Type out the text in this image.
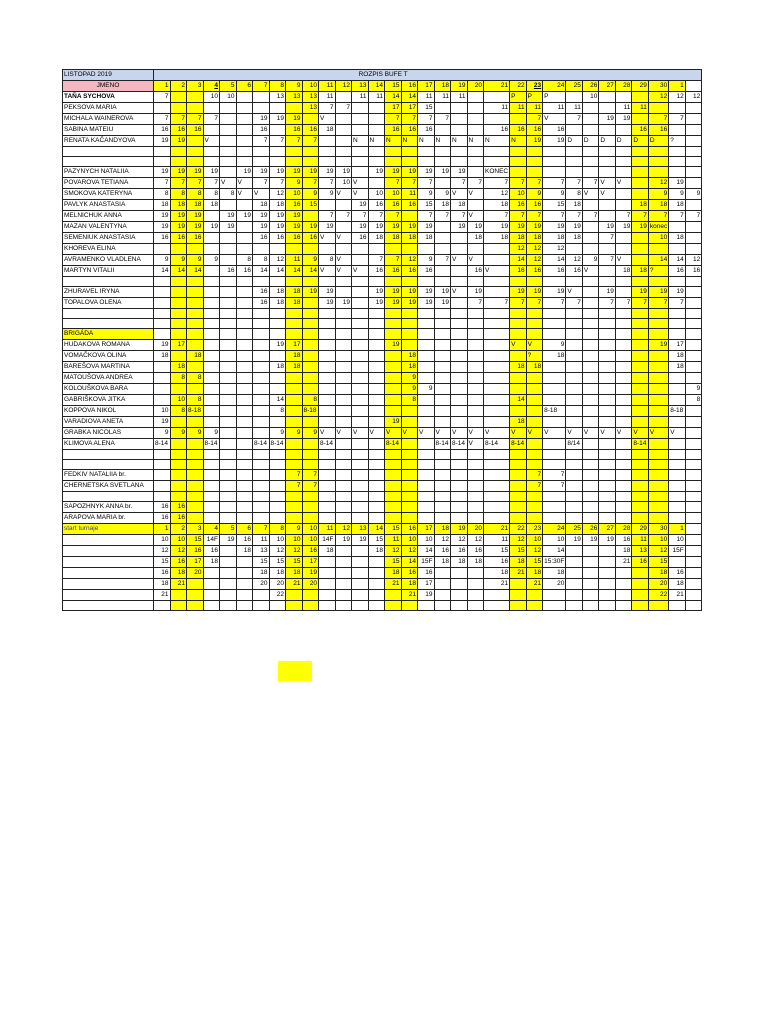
LISTOPAD 2019	ROZPIS BUFE T																															
JMENO	1	2	3	4	5	6	7	8	9	10	11	12	13	14	15	16	17	18	19	20	21	22	23	24	25	26	27	28	29	30	1	
TAŇA SYCHOVA	7			10	10			13	13	13	11		11	11	14	14	11	11	11			P	P	P		10				12	12	12
PEKSOVA MARIA										13	7	7			17	17	15				11	11	11	11	11			11	11			
MICHALA WAINEROVA	7	7	7	7			19	19	19		V				7	7	7	7					7	V	7		19	19		7	7	
SABINA MATEIU	16	16	16				16		16	16	18				16	16	16				16	16	16	16					16	16		
RENATA KAČANDYOVA	19	19		V			7	7	7	7			N	N	N	N	N	N	N	N	N	N	19	19	D	D	D	D	D	D	?	

PAZYNYCH NATALIIA	19	19	19	19		19	19	19	19	19	19	19		19	19	19	19	19	19		KONEC											
POVAROVA TETIANA	7	7	7	7	V	V	7	7	9	7	7	10	V		7	7	7		7	7	7	7	7	7	7	7	V	V		12	19	
SMOKOVA KATERYNA	8	8	8	8	8	V	V	12	10	9	9	V	V	10	10	11	9	9	V	V	12	10	9	9	8	V	V			9	9	9
PAVLYK ANASTASIA	18	18	18	18			18	18	16	15			19	16	16	16	15	18	18		18	16	16	15	18				18	18	18	
MELNICHUK ANNA	19	19	19		19	19	19	19	19		7	7	7	7	7		7	7	7	V	7	7	7	7	7	7		7	7	7	7	7
MAZAN VALENTYNA	19	19	19	19	19		19	19	19	19	19		19	19	19	19	19		19	19	19	19	19	19	19		19	19	19	konec		
SEMENIUK ANASTASIA	16	16	16				16	16	16	16	V	V	16	18	18	18	18			18	18	18	18	18	18		7			10	18	
KHOREVA ELINA																						12	12	12								
AVRAMENKO VLADLENA	9	9	9	9		8	8	12	11	9	8	V		7	7	12	9	7	V	V		14	12	14	12	9	7	V		14	14	12
MARTYN VITALII	14	14	14		16	16	14	14	14	14	V	V	V	16	16	16	16			16	V	16	16	16	16	V		18	18	?	16	16

ZHURAVEL IRYNA							16	18	18	19	19			19	19	19	19	19	V	19		19	19	19	V		19		19	19	19	
TOPALOVA OLENA							16	18	18		19	19		19	19	19	19	19		7	7	7	7	7	7		7	7	7	7	7	

BRIGÁDA																																
HUDAKOVA ROMANA	19	17						19	17						19							V	V	9						19	17	
VOMAČKOVA OLINA	18		18						18							18							?	18							18	
BAREŠOVA MARTINA		18						18	18							18						18	18								18	
MATOUŠOVA ANDREA		8	8													9																
KOLOUŠKOVA BARA																9	9															9
GABRIŠKOVA JITKA		10	8					14		8						8						14										8
KOPPOVA NIKOL	10	8	8-18					8		8-18														8-18							8-18	
VARADIOVA ANETA	19														19							18										
GRABKA NICOLAS	9	9	9	9				9	9	9	V	V	V	V	V	V	V	V	V	V	V	V	V	V	V	V	V	V	V	V	V	
KLIMOVA ALENA	8-14			8-14			8-14	8-14			8-14				8-14			8-14	8-14	V	8-14	8-14			8/14				8-14			

FEDKIV NATALIIA br.									7	7													7	7								
CHERNETSKA SVETLANA									7	7													7	7								

SAPOZHNYK ANNA br.	16	16																														
ARAPOVA MARIA br.	16	16																														
start turnaje	1	2	3	4	5	6	7	8	9	10	11	12	13	14	15	16	17	18	19	20	21	22	23	24	25	26	27	28	29	30	1	
	10	10	15	14F	19	16	11	10	10	10	14F	19	19	15	11	10	10	12	12	12	11	12	10	10	19	19	19	16	11	10	10	
	12	12	16	16		18	13	12	12	16	18			18	12	12	14	16	16	16	15	15	12	14				18	13	12	15F	
	15	16	17	18			15	15	15	17					15	14	15F	18	18	18	16	18	15	15:30F				21	16	15		
	16	18	20				18	18	18	19					18	16	16				18	21	18	18						18	16	
	18	21					20	20	21	20					21	18	17				21		21	20						20	18	
	21							22								21	19													22	21	
